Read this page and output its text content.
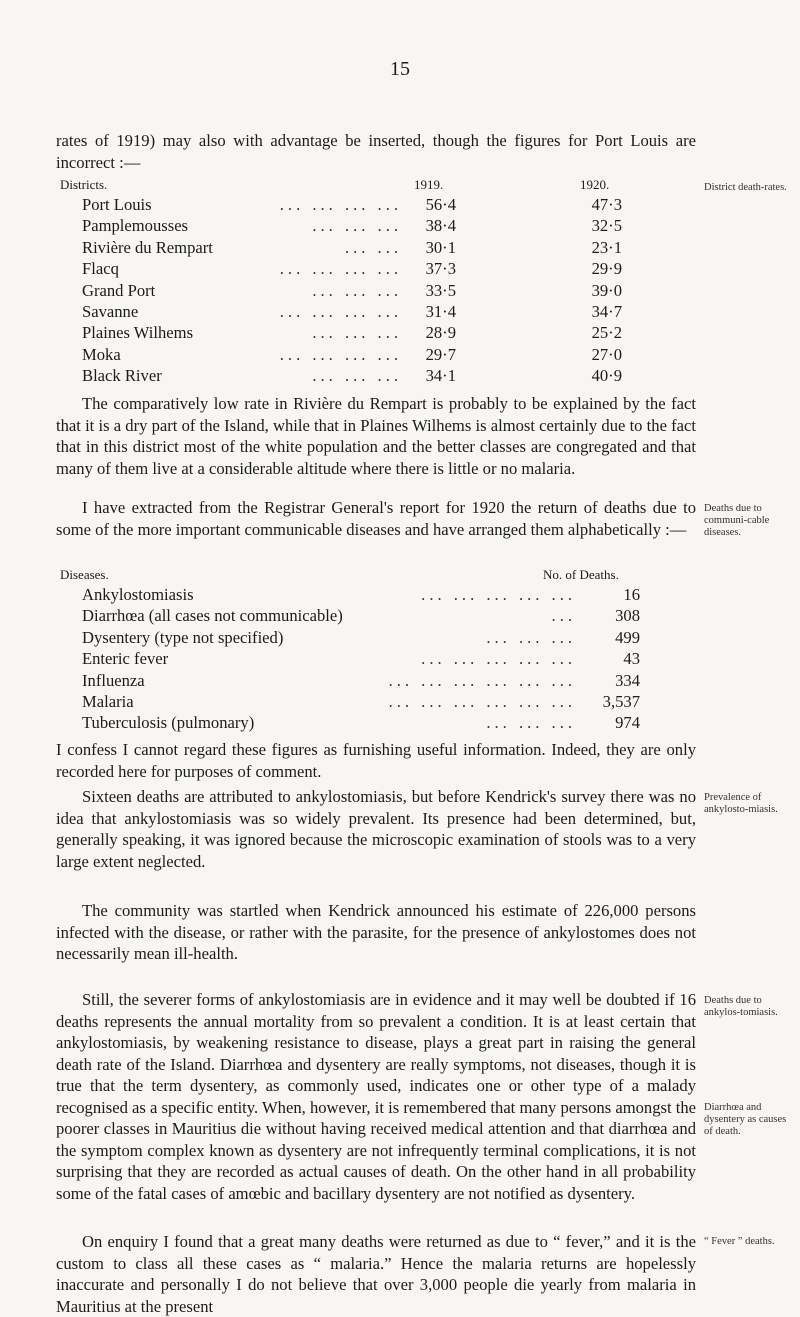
15

rates of 1919) may also with advantage be inserted, though the figures for Port Louis are incorrect :—

Districts.	1919.	1920.
Port Louis	... ... ... ...	56·4	47·3
Pamplemousses	... ... ...	38·4	32·5
Rivière du Rempart	... ...	30·1	23·1
Flacq	... ... ... ...	37·3	29·9
Grand Port	... ... ...	33·5	39·0
Savanne	... ... ... ...	31·4	34·7
Plaines Wilhems	... ... ...	28·9	25·2
Moka	... ... ... ...	29·7	27·0
Black River	... ... ...	34·1	40·9
District death-rates.

The comparatively low rate in Rivière du Rempart is probably to be explained by the fact that it is a dry part of the Island, while that in Plaines Wilhems is almost certainly due to the fact that in this district most of the white population and the better classes are congregated and that many of them live at a considerable altitude where there is little or no malaria.

I have extracted from the Registrar General's report for 1920 the return of deaths due to some of the more important communicable diseases and have arranged them alphabetically :—

Deaths due to communi-cable diseases.
Diseases.	No. of Deaths.
Ankylostomiasis	... ... ... ... ...	16
Diarrhœa (all cases not communicable)	...	308
Dysentery (type not specified)	... ... ...	499
Enteric fever	... ... ... ... ...	43
Influenza	... ... ... ... ... ...	334
Malaria	... ... ... ... ... ...	3,537
Tuberculosis (pulmonary)	... ... ...	974

I confess I cannot regard these figures as furnishing useful information. Indeed, they are only recorded here for purposes of comment.

Sixteen deaths are attributed to ankylostomiasis, but before Kendrick's survey there was no idea that ankylostomiasis was so widely prevalent. Its presence had been determined, but, generally speaking, it was ignored because the microscopic examination of stools was to a very large extent neglected.

Prevalence of ankylosto-miasis.

The community was startled when Kendrick announced his estimate of 226,000 persons infected with the disease, or rather with the parasite, for the presence of ankylostomes does not necessarily mean ill-health.

Still, the severer forms of ankylostomiasis are in evidence and it may well be doubted if 16 deaths represents the annual mortality from so prevalent a condition. It is at least certain that ankylostomiasis, by weakening resistance to disease, plays a great part in raising the general death rate of the Island. Diarrhœa and dysentery are really symptoms, not diseases, though it is true that the term dysentery, as commonly used, indicates one or other type of a malady recognised as a specific entity. When, however, it is remembered that many persons amongst the poorer classes in Mauritius die without having received medical attention and that diarrhœa and the symptom complex known as dysentery are not infrequently terminal complications, it is not surprising that they are recorded as actual causes of death. On the other hand in all probability some of the fatal cases of amœbic and bacillary dysentery are not notified as dysentery.

Deaths due to ankylos-tomiasis.
Diarrhœa and dysentery as causes of death.

On enquiry I found that a great many deaths were returned as due to “ fever,” and it is the custom to class all these cases as “ malaria.” Hence the malaria returns are hopelessly inaccurate and personally I do not believe that over 3,000 people die yearly from malaria in Mauritius at the present

“ Fever ” deaths.
